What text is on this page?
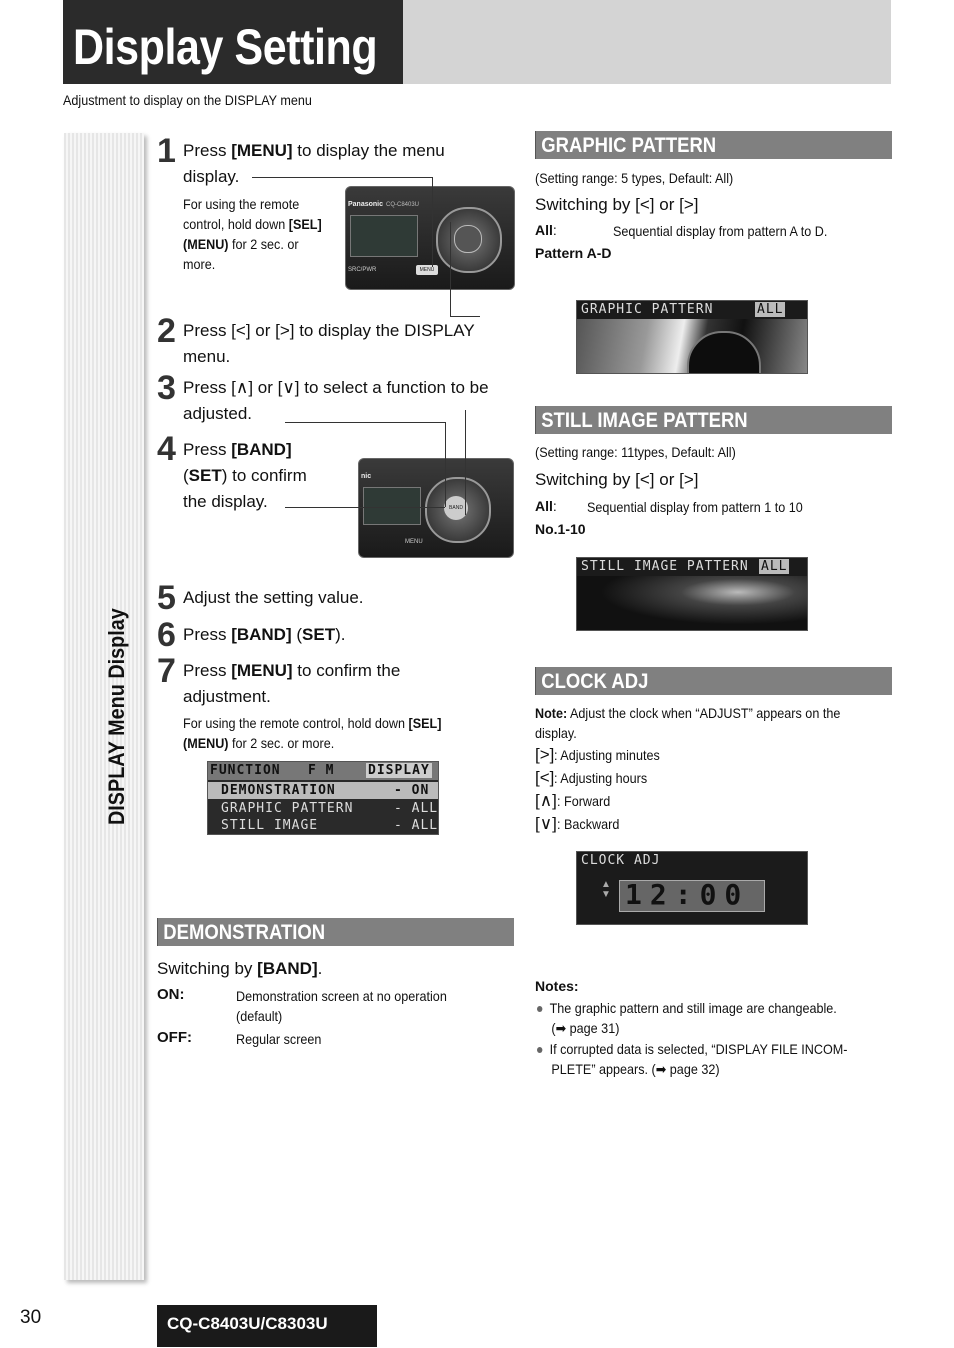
Display Setting
Adjustment to display on the DISPLAY menu
DISPLAY Menu Display
1 Press [MENU] to display the menu display.
For using the remote control, hold down [SEL] (MENU) for 2 sec. or more.
Panasonic CQ-C8403U
SRC/PWR	MENU
2 Press [<] or [>] to display the DISPLAY menu.
3 Press [∧] or [∨] to select a function to be adjusted.
4 Press [BAND]
(SET) to confirm
the display.
nic
BAND
MENU
5 Adjust the setting value.
6 Press [BAND] (SET).
7 Press [MENU] to confirm the adjustment.
For using the remote control, hold down [SEL] (MENU) for 2 sec. or more.
FUNCTION F M	DISPLAY
DEMONSTRATION	- ON
GRAPHIC PATTERN	- ALL
STILL IMAGE	- ALL
DEMONSTRATION
Switching by [BAND].
ON:	Demonstration screen at no operation (default)
OFF:	Regular screen
GRAPHIC PATTERN
(Setting range: 5 types, Default: All)
Switching by [<] or [>]
All:	Sequential display from pattern A to D.
Pattern A-D
GRAPHIC PATTERN	ALL
STILL IMAGE PATTERN
(Setting range: 11types, Default: All)
Switching by [<] or [>]
All: Sequential display from pattern 1 to 10
No.1-10
STILL IMAGE PATTERN ALL
CLOCK ADJ
Note: Adjust the clock when “ADJUST” appears on the display.
[>]: Adjusting minutes
[<]: Adjusting hours
[∧]: Forward
[∨]: Backward
CLOCK ADJ
▲
▼ 12:00
Notes:
The graphic pattern and still image are changeable.
(➡ page 31)
If corrupted data is selected, “DISPLAY FILE INCOM-
PLETE” appears. (➡ page 32)
30	CQ-C8403U/C8303U
